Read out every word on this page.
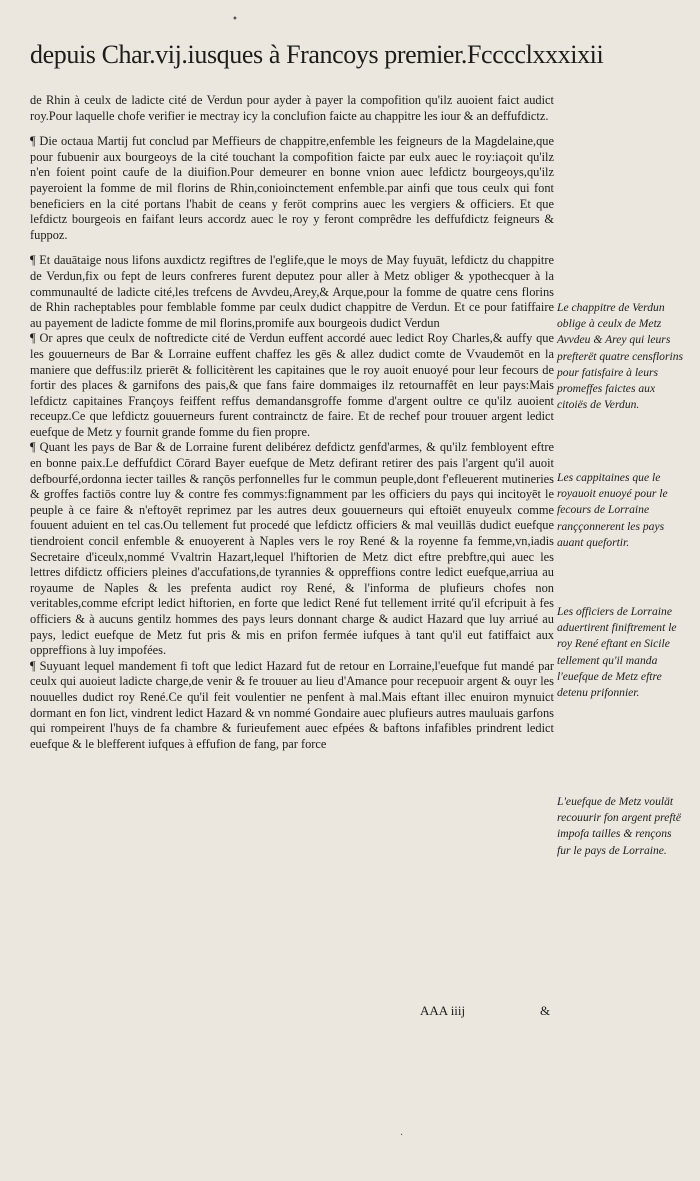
depuis Char.vij.iusques à Francoys premier.Fcccclxxxixii

de Rhin à ceulx de ladicte cité de Verdun pour ayder à payer la compofition qu'ilz auoient faict audict roy.Pour laquelle chofe verifier ie mectray icy la conclufion faicte au chappitre les iour & an deffufdictz.

¶ Die octaua Martij fut conclud par Meffieurs de chappitre,enfemble les feigneurs de la Magdelaine,que pour fubuenir aux bourgeoys de la cité touchant la compofition faicte par eulx auec le roy:iaçoit qu'ilz n'en foient point caufe de la diuifion.Pour demeurer en bonne vnion auec lefdictz bourgeoys,qu'ilz payeroient la fomme de mil florins de Rhin,conioinctement enfemble.par ainfi que tous ceulx qui font beneficiers en la cité portans l'habit de ceans y feröt comprins auec les vergiers & officiers. Et que lefdictz bourgeois en faifant leurs accordz auec le roy y feront comprêdre les deffufdictz feigneurs & fuppoz.

¶ Et dauātaige nous lifons auxdictz regiftres de l'eglife,que le moys de May fuyuāt, lefdictz du chappitre de Verdun,fix ou fept de leurs confreres furent deputez pour aller à Metz obliger & ypothecquer à la communaulté de ladicte cité,les trefcens de Avvdeu,Arey,& Arque,pour la fomme de quatre cens florins de Rhin racheptables pour femblable fomme par ceulx dudict chappitre de Verdun. Et ce pour fatiffaire au payement de ladicte fomme de mil florins,promife aux bourgeois dudict Verdun

¶ Or apres que ceulx de noftredicte cité de Verdun euffent accordé auec ledict Roy Charles,& auffy que les gouuerneurs de Bar & Lorraine euffent chaffez les gēs & allez dudict comte de Vvaudemōt en la maniere que deffus:ilz prierēt & follicitèrent les capitaines que le roy auoit enuoyé pour leur fecours de fortir des places & garnifons des pais,& que fans faire dommaiges ilz retournaffêt en leur pays:Mais lefdictz capitaines Françoys feiffent reffus demandansgroffe fomme d'argent oultre ce qu'ilz auoient receupz.Ce que lefdictz gouuerneurs furent contrainctz de faire. Et de rechef pour trouuer argent ledict euefque de Metz y fournit grande fomme du fien propre.

¶ Quant les pays de Bar & de Lorraine furent delibérez defdictz genfd'armes, & qu'ilz fembloyent eftre en bonne paix.Le deffufdict Cōrard Bayer euefque de Metz defirant retirer des pais l'argent qu'il auoit defbourfé,ordonna iecter tailles & rançōs perfonnelles fur le commun peuple,dont f'efleuerent mutineries & groffes factiōs contre luy & contre fes commys:fignamment par les officiers du pays qui incitoyēt le peuple à ce faire & n'eftoyēt reprimez par les autres deux gouuerneurs qui eftoiēt enuyeulx comme fouuent aduient en tel cas.Ou tellement fut procedé que lefdictz officiers & mal veuillās dudict euefque tiendroient concil enfemble & enuoyerent à Naples vers le roy René & la royenne fa femme,vn,iadis Secretaire d'iceulx,nommé Vvaltrin Hazart,lequel l'hiftorien de Metz dict eftre prebftre,qui auec les lettres difdictz officiers pleines d'accufations,de tyrannies & oppreffions contre ledict euefque,arriua au royaume de Naples & les prefenta audict roy René, & l'informa de plufieurs chofes non veritables,comme efcript ledict hiftorien, en forte que ledict René fut tellement irrité qu'il efcripuit à fes officiers & à aucuns gentilz hommes des pays leurs donnant charge & audict Hazard que luy arriué au pays, ledict euefque de Metz fut pris & mis en prifon fermée iufques à tant qu'il eut fatiffaict aux oppreffions à luy impofées.

¶ Suyuant lequel mandement fi toft que ledict Hazard fut de retour en Lorraine,l'euefque fut mandé par ceulx qui auoieut ladicte charge,de venir & fe trouuer au lieu d'Amance pour recepuoir argent & ouyr les nouuelles dudict roy René.Ce qu'il feit voulentier ne penfent à mal.Mais eftant illec enuiron mynuict dormant en fon lict, vindrent ledict Hazard & vn nommé Gondaire auec plufieurs autres mauluais garfons qui rompeirent l'huys de fa chambre & furieufement auec efpées & baftons infafibles prindrent ledict euefque & le blefferent iufques à effufion de fang, par force

AAA iiij	&
Le chappitre de Verdun oblige à ceulx de Metz Avvdeu & Arey qui leurs prefterët quatre censflorins pour fatisfaire à leurs promeffes faictes aux citoiës de Verdun.
Les cappitaines que le royauoit enuoyé pour le fecours de Lorraine ranççonnerent les pays auant quefortir.
Les officiers de Lorraine aduertirent finiftrement le roy René eftant en Sicile tellement qu'il manda l'euefque de Metz eftre detenu prifonnier.
L'euefque de Metz voulät recouurir fon argent preftë impofa tailles & rençons fur le pays de Lorraine.
•
·
